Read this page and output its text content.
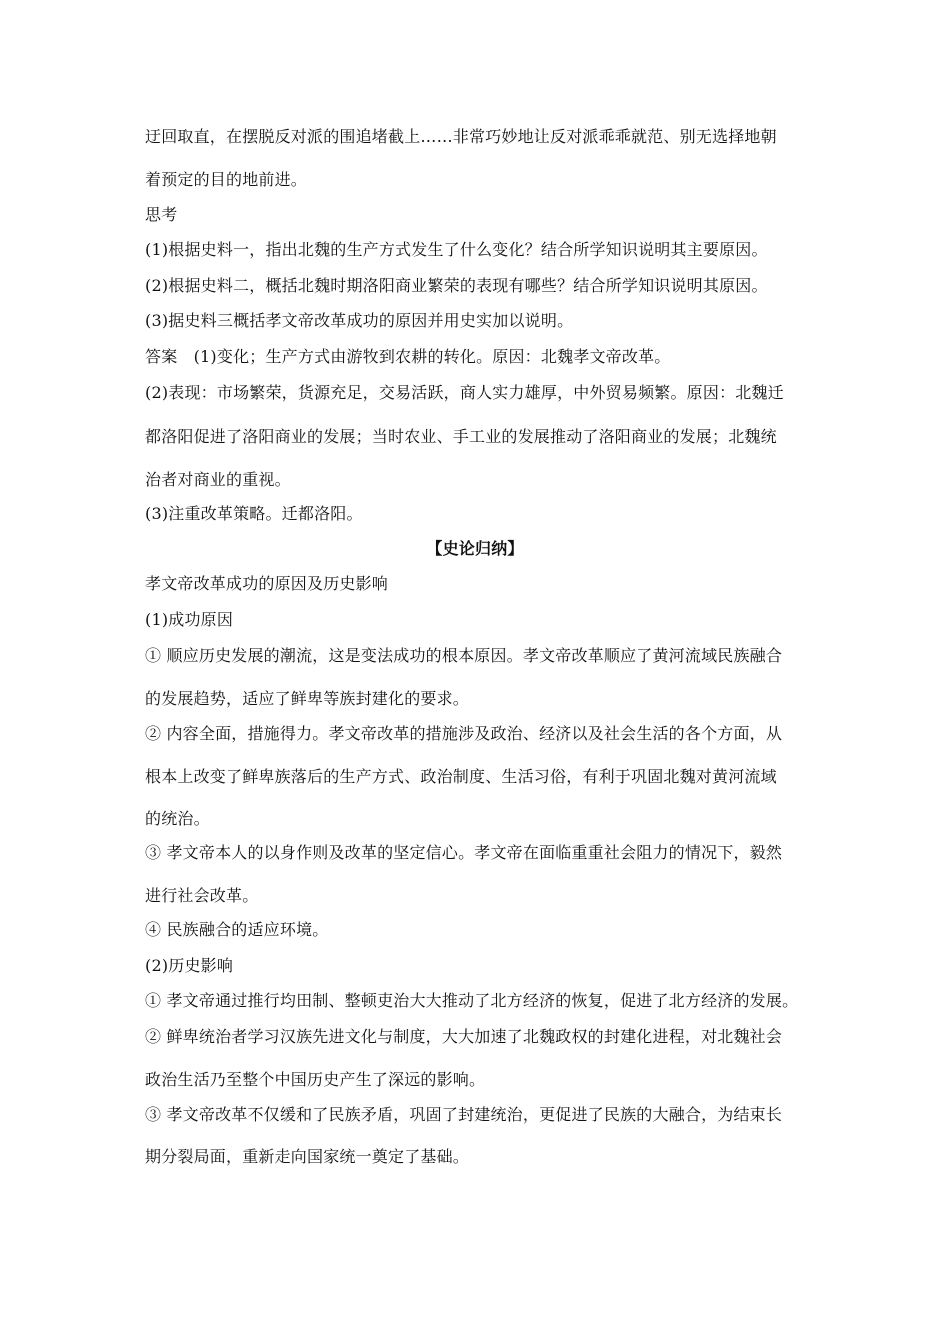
迂回取直，在摆脱反对派的围追堵截上……非常巧妙地让反对派乖乖就范、别无选择地朝
着预定的目的地前进。
思考
(1)根据史料一，指出北魏的生产方式发生了什么变化？结合所学知识说明其主要原因。
(2)根据史料二，概括北魏时期洛阳商业繁荣的表现有哪些？结合所学知识说明其原因。
(3)据史料三概括孝文帝改革成功的原因并用史实加以说明。
答案　(1)变化；生产方式由游牧到农耕的转化。原因：北魏孝文帝改革。
(2)表现：市场繁荣，货源充足，交易活跃，商人实力雄厚，中外贸易频繁。原因：北魏迁
都洛阳促进了洛阳商业的发展；当时农业、手工业的发展推动了洛阳商业的发展；北魏统
治者对商业的重视。
(3)注重改革策略。迁都洛阳。
【史论归纳】
孝文帝改革成功的原因及历史影响
(1)成功原因
① 顺应历史发展的潮流，这是变法成功的根本原因。孝文帝改革顺应了黄河流域民族融合
的发展趋势，适应了鲜卑等族封建化的要求。
② 内容全面，措施得力。孝文帝改革的措施涉及政治、经济以及社会生活的各个方面，从
根本上改变了鲜卑族落后的生产方式、政治制度、生活习俗，有利于巩固北魏对黄河流域
的统治。
③ 孝文帝本人的以身作则及改革的坚定信心。孝文帝在面临重重社会阻力的情况下，毅然
进行社会改革。
④ 民族融合的适应环境。
(2)历史影响
① 孝文帝通过推行均田制、整顿吏治大大推动了北方经济的恢复，促进了北方经济的发展。
② 鲜卑统治者学习汉族先进文化与制度，大大加速了北魏政权的封建化进程，对北魏社会
政治生活乃至整个中国历史产生了深远的影响。
③ 孝文帝改革不仅缓和了民族矛盾，巩固了封建统治，更促进了民族的大融合，为结束长
期分裂局面，重新走向国家统一奠定了基础。
